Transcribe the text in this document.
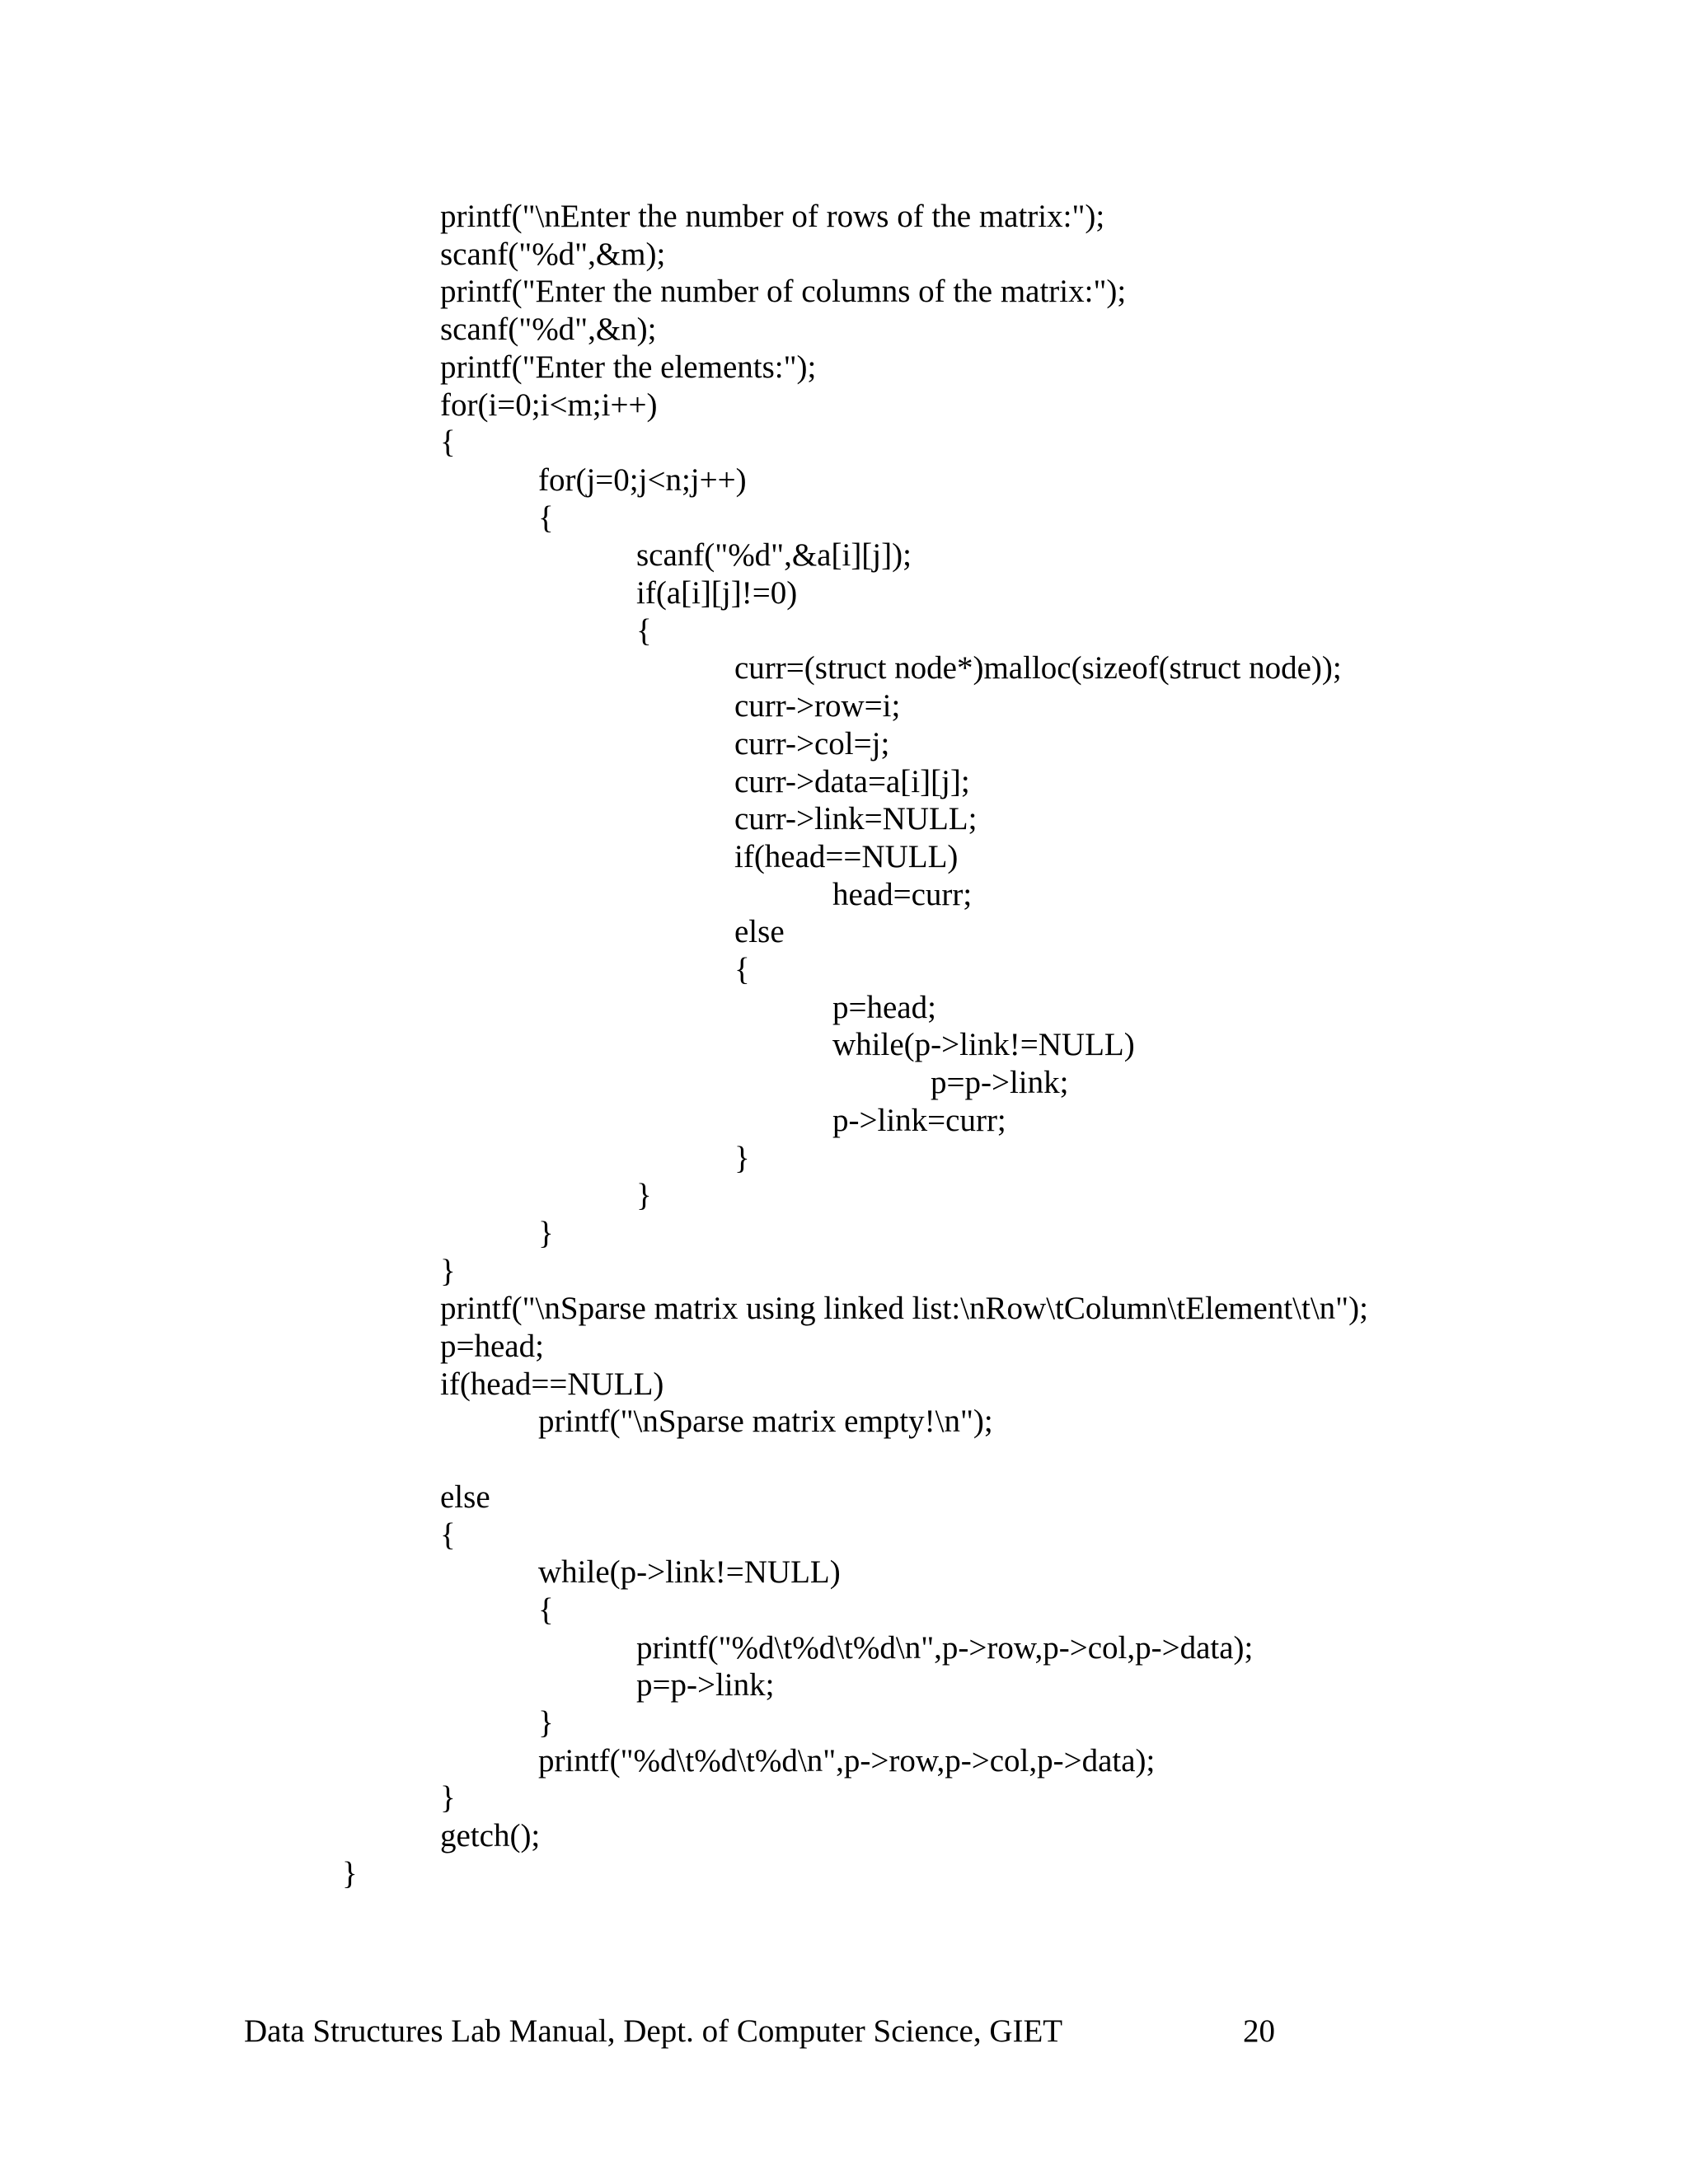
printf("\nEnter the number of rows of the matrix:");
scanf("%d",&m);
printf("Enter the number of columns of the matrix:");
scanf("%d",&n);
printf("Enter the elements:");
for(i=0;i<m;i++)
{
for(j=0;j<n;j++)
{
scanf("%d",&a[i][j]);
if(a[i][j]!=0)
{
curr=(struct node*)malloc(sizeof(struct node));
curr->row=i;
curr->col=j;
curr->data=a[i][j];
curr->link=NULL;
if(head==NULL)
head=curr;
else
{
p=head;
while(p->link!=NULL)
p=p->link;
p->link=curr;
}
}
}
}
printf("\nSparse matrix using linked list:\nRow\tColumn\tElement\t\n");
p=head;
if(head==NULL)
printf("\nSparse matrix empty!\n");
else
{
while(p->link!=NULL)
{
printf("%d\t%d\t%d\n",p->row,p->col,p->data);
p=p->link;
}
printf("%d\t%d\t%d\n",p->row,p->col,p->data);
}
getch();
}
Data Structures Lab Manual, Dept. of Computer Science, GIET	20
